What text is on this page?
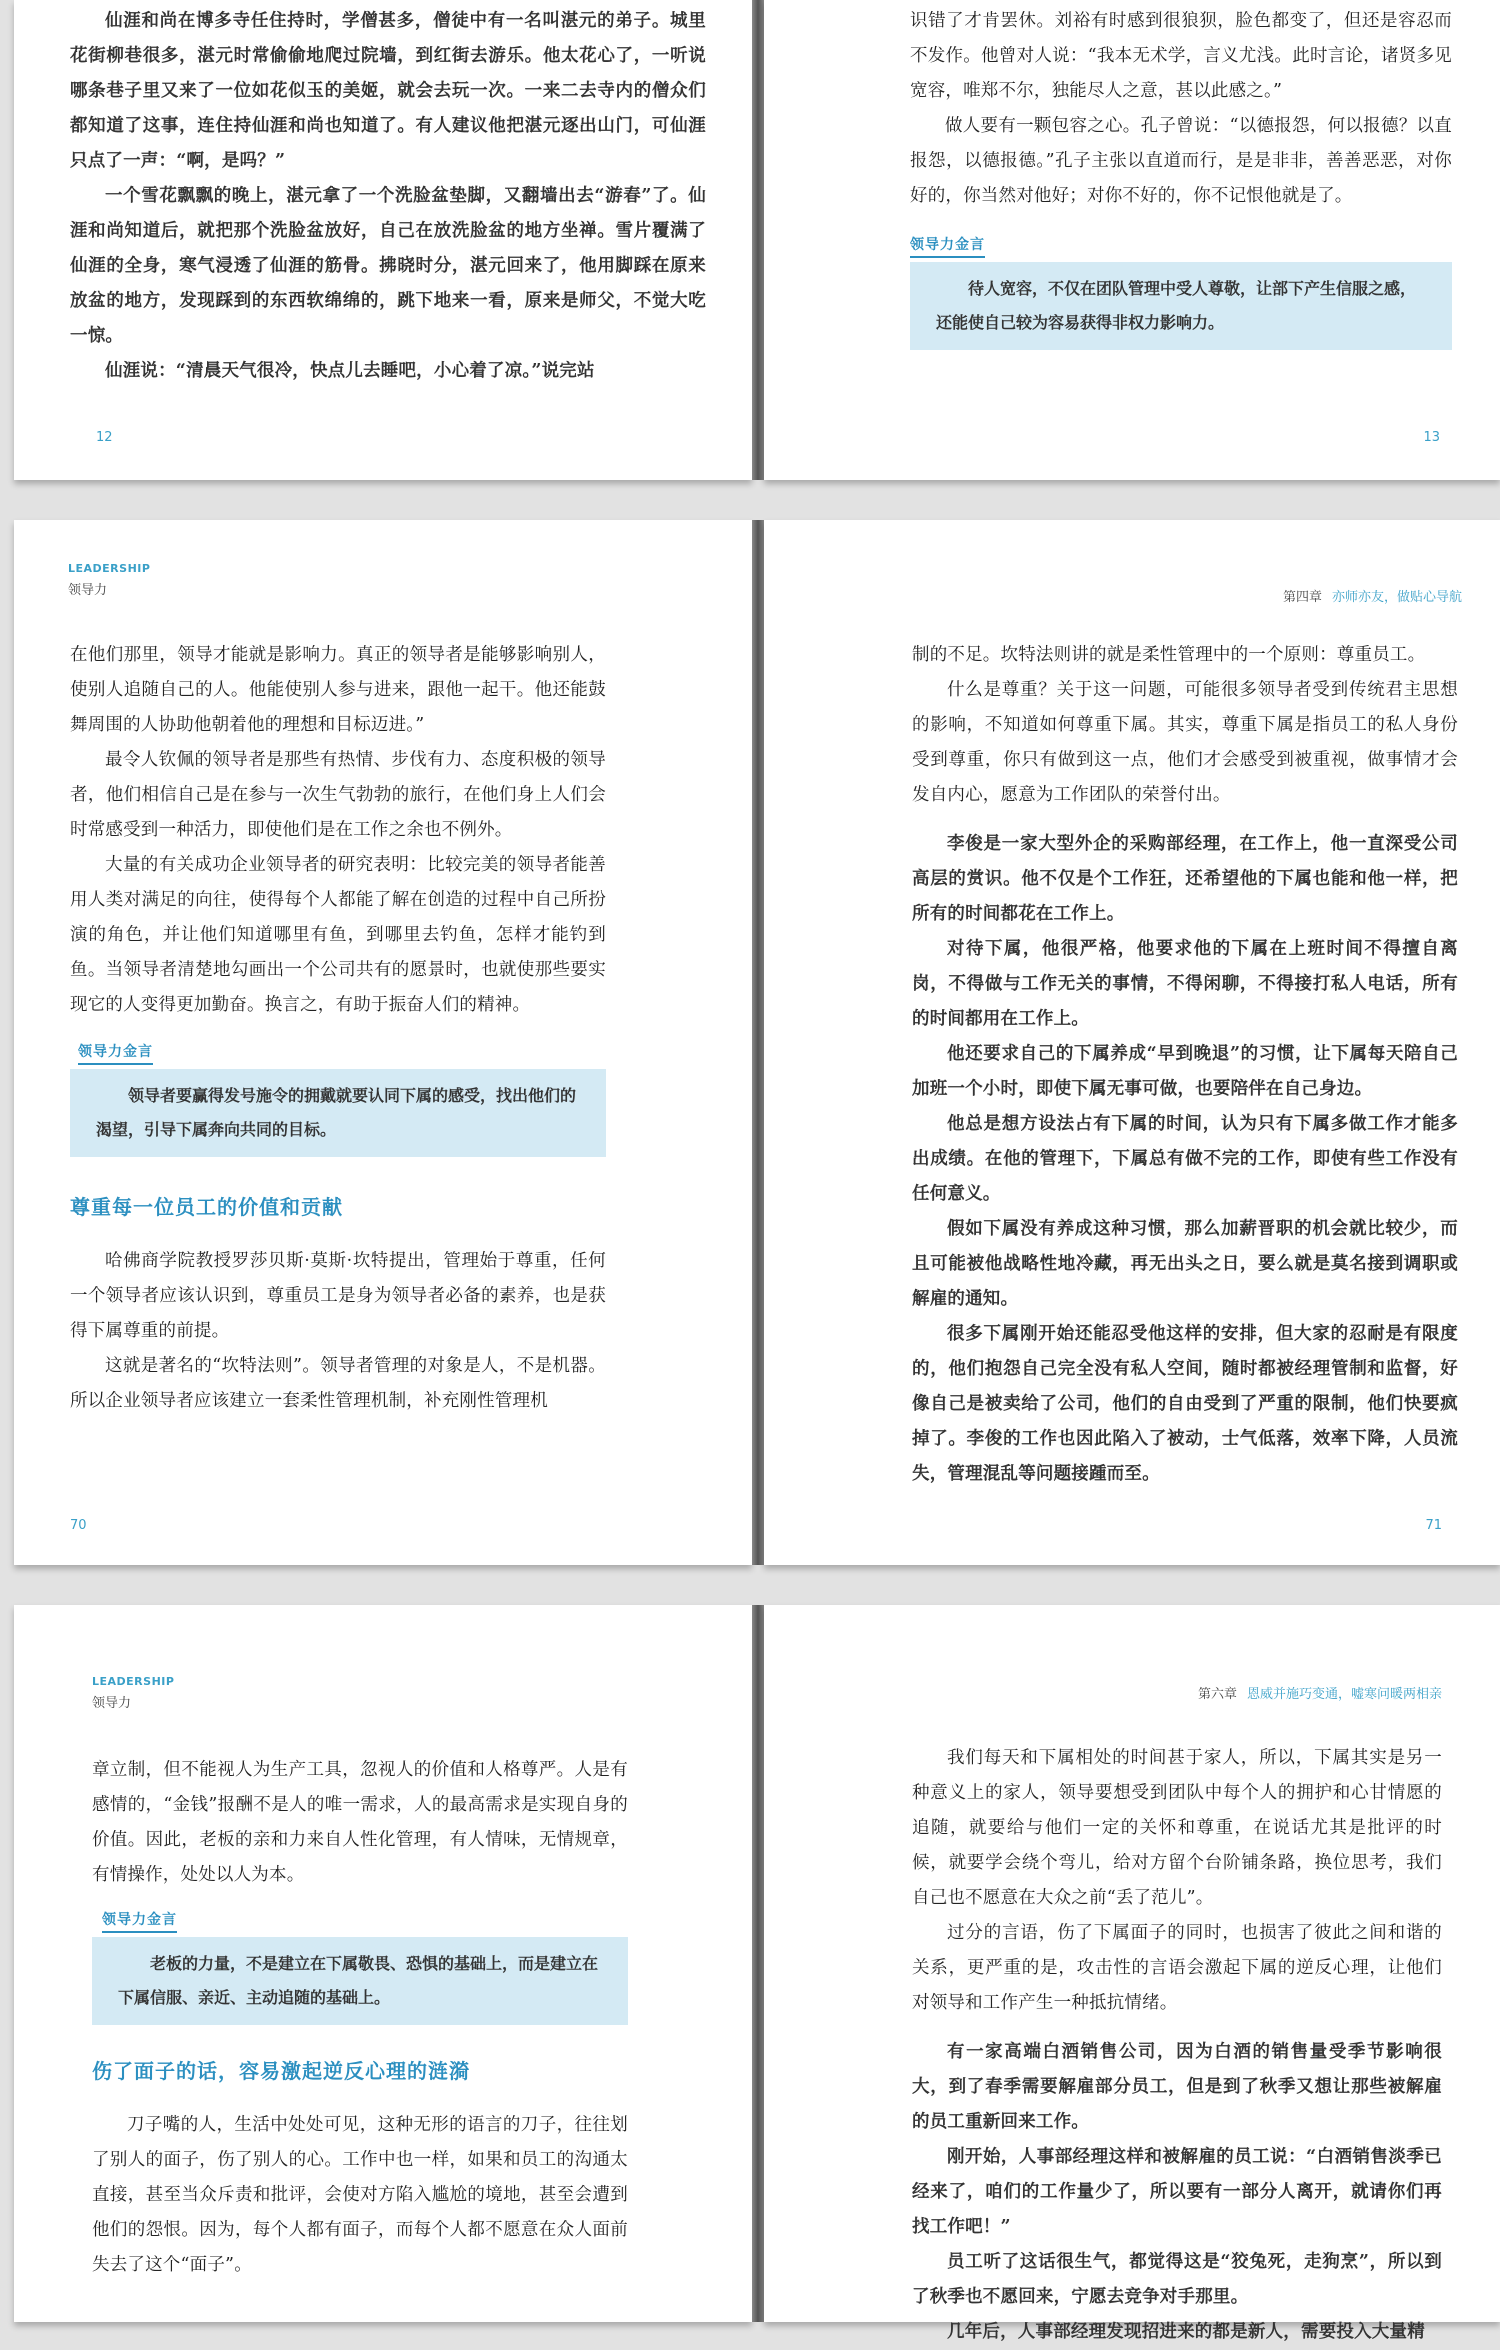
仙涯和尚在博多寺任住持时，学僧甚多，僧徒中有一名叫湛元的弟子。城里花街柳巷很多，湛元时常偷偷地爬过院墙，到红街去游乐。他太花心了，一听说哪条巷子里又来了一位如花似玉的美姬，就会去玩一次。一来二去寺内的僧众们都知道了这事，连住持仙涯和尚也知道了。有人建议他把湛元逐出山门，可仙涯只点了一声：“啊，是吗？”

一个雪花飘飘的晚上，湛元拿了一个洗脸盆垫脚，又翻墙出去“游春”了。仙涯和尚知道后，就把那个洗脸盆放好，自己在放洗脸盆的地方坐禅。雪片覆满了仙涯的全身，寒气浸透了仙涯的筋骨。拂晓时分，湛元回来了，他用脚踩在原来放盆的地方，发现踩到的东西软绵绵的，跳下地来一看，原来是师父，不觉大吃一惊。

仙涯说：“清晨天气很冷，快点儿去睡吧，小心着了凉。”说完站

12

识错了才肯罢休。刘裕有时感到很狼狈，脸色都变了，但还是容忍而不发作。他曾对人说：“我本无术学，言义尤浅。此时言论，诸贤多见宽容，唯郑不尔，独能尽人之意，甚以此感之。”

做人要有一颗包容之心。孔子曾说：“以德报怨，何以报德？以直报怨，以德报德。”孔子主张以直道而行，是是非非，善善恶恶，对你好的，你当然对他好；对你不好的，你不记恨他就是了。

领导力金言
待人宽容，不仅在团队管理中受人尊敬，让部下产生信服之感，还能使自己较为容易获得非权力影响力。
13
LEADERSHIP
领导力

在他们那里，领导才能就是影响力。真正的领导者是能够影响别人，使别人追随自己的人。他能使别人参与进来，跟他一起干。他还能鼓舞周围的人协助他朝着他的理想和目标迈进。”

最令人钦佩的领导者是那些有热情、步伐有力、态度积极的领导者，他们相信自己是在参与一次生气勃勃的旅行，在他们身上人们会时常感受到一种活力，即使他们是在工作之余也不例外。

大量的有关成功企业领导者的研究表明：比较完美的领导者能善用人类对满足的向往，使得每个人都能了解在创造的过程中自己所扮演的角色，并让他们知道哪里有鱼，到哪里去钓鱼，怎样才能钓到鱼。当领导者清楚地勾画出一个公司共有的愿景时，也就使那些要实现它的人变得更加勤奋。换言之，有助于振奋人们的精神。

领导力金言
领导者要赢得发号施令的拥戴就要认同下属的感受，找出他们的渴望，引导下属奔向共同的目标。
尊重每一位员工的价值和贡献

哈佛商学院教授罗莎贝斯·莫斯·坎特提出，管理始于尊重，任何一个领导者应该认识到，尊重员工是身为领导者必备的素养，也是获得下属尊重的前提。

这就是著名的“坎特法则”。领导者管理的对象是人，不是机器。所以企业领导者应该建立一套柔性管理机制，补充刚性管理机

70
第四章 亦师亦友，做贴心导航

制的不足。坎特法则讲的就是柔性管理中的一个原则：尊重员工。

什么是尊重？关于这一问题，可能很多领导者受到传统君主思想的影响，不知道如何尊重下属。其实，尊重下属是指员工的私人身份受到尊重，你只有做到这一点，他们才会感受到被重视，做事情才会发自内心，愿意为工作团队的荣誉付出。

李俊是一家大型外企的采购部经理，在工作上，他一直深受公司高层的赏识。他不仅是个工作狂，还希望他的下属也能和他一样，把所有的时间都花在工作上。

对待下属，他很严格，他要求他的下属在上班时间不得擅自离岗，不得做与工作无关的事情，不得闲聊，不得接打私人电话，所有的时间都用在工作上。

他还要求自己的下属养成“早到晚退”的习惯，让下属每天陪自己加班一个小时，即使下属无事可做，也要陪伴在自己身边。

他总是想方设法占有下属的时间，认为只有下属多做工作才能多出成绩。在他的管理下，下属总有做不完的工作，即使有些工作没有任何意义。

假如下属没有养成这种习惯，那么加薪晋职的机会就比较少，而且可能被他战略性地冷藏，再无出头之日，要么就是莫名接到调职或解雇的通知。

很多下属刚开始还能忍受他这样的安排，但大家的忍耐是有限度的，他们抱怨自己完全没有私人空间，随时都被经理管制和监督，好像自己是被卖给了公司，他们的自由受到了严重的限制，他们快要疯掉了。李俊的工作也因此陷入了被动，士气低落，效率下降，人员流失，管理混乱等问题接踵而至。

71
LEADERSHIP
领导力

章立制，但不能视人为生产工具，忽视人的价值和人格尊严。人是有感情的，“金钱”报酬不是人的唯一需求，人的最高需求是实现自身的价值。因此，老板的亲和力来自人性化管理，有人情味，无情规章，有情操作，处处以人为本。

领导力金言
老板的力量，不是建立在下属敬畏、恐惧的基础上，而是建立在下属信服、亲近、主动追随的基础上。
伤了面子的话，容易激起逆反心理的涟漪

刀子嘴的人，生活中处处可见，这种无形的语言的刀子，往往划了别人的面子，伤了别人的心。工作中也一样，如果和员工的沟通太直接，甚至当众斥责和批评，会使对方陷入尴尬的境地，甚至会遭到他们的怨恨。因为，每个人都有面子，而每个人都不愿意在众人面前失去了这个“面子”。

第六章 恩威并施巧变通，嘘寒问暖两相亲

我们每天和下属相处的时间甚于家人，所以，下属其实是另一种意义上的家人，领导要想受到团队中每个人的拥护和心甘情愿的追随，就要给与他们一定的关怀和尊重，在说话尤其是批评的时候，就要学会绕个弯儿，给对方留个台阶铺条路，换位思考，我们自己也不愿意在大众之前“丢了范儿”。

过分的言语，伤了下属面子的同时，也损害了彼此之间和谐的关系，更严重的是，攻击性的言语会激起下属的逆反心理，让他们对领导和工作产生一种抵抗情绪。

有一家高端白酒销售公司，因为白酒的销售量受季节影响很大，到了春季需要解雇部分员工，但是到了秋季又想让那些被解雇的员工重新回来工作。

刚开始，人事部经理这样和被解雇的员工说：“白酒销售淡季已经来了，咱们的工作量少了，所以要有一部分人离开，就请你们再找工作吧！”

员工听了这话很生气，都觉得这是“狡兔死，走狗烹”，所以到了秋季也不愿回来，宁愿去竞争对手那里。

几年后，人事部经理发现招进来的都是新人，需要投入大量精
